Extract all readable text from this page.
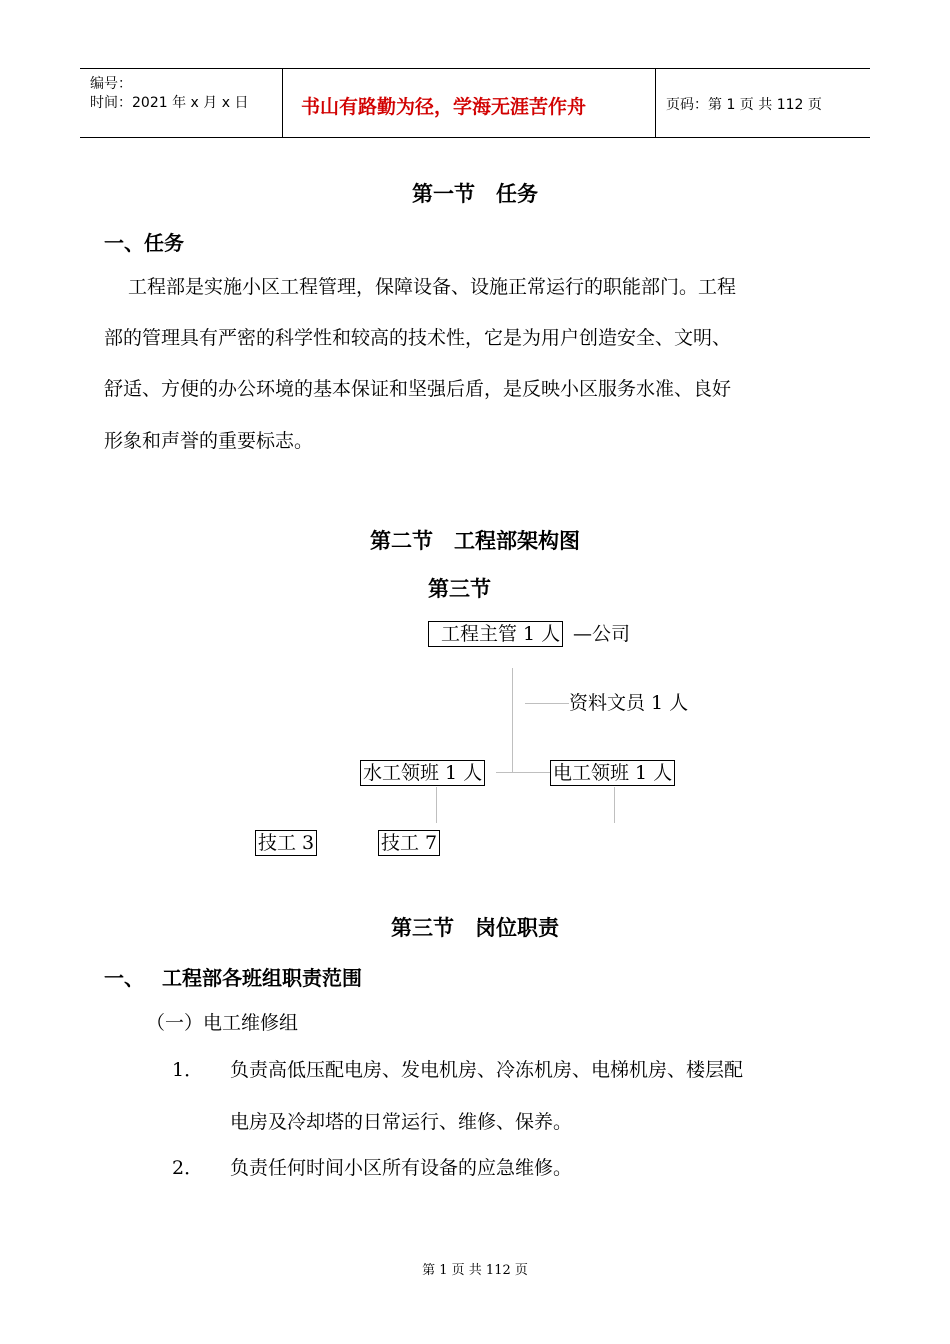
编号：
时间：2021 年 x 月 x 日	书山有路勤为径，学海无涯苦作舟	页码：第 1 页 共 112 页
第一节　任务
一、任务
工程部是实施小区工程管理，保障设备、设施正常运行的职能部门。工程
部的管理具有严密的科学性和较高的技术性，它是为用户创造安全、文明、
舒适、方便的办公环境的基本保证和坚强后盾，是反映小区服务水准、良好
形象和声誉的重要标志。
第二节　工程部架构图
第三节
工程主管 1 人 —公司
资料文员 1 人
水工领班 1 人	电工领班 1 人
技工 3	技工 7
第三节　岗位职责
一、 工程部各班组职责范围
（一）电工维修组
1． 负责高低压配电房、发电机房、冷冻机房、电梯机房、楼层配
电房及冷却塔的日常运行、维修、保养。
2． 负责任何时间小区所有设备的应急维修。
第 1 页 共 112 页
